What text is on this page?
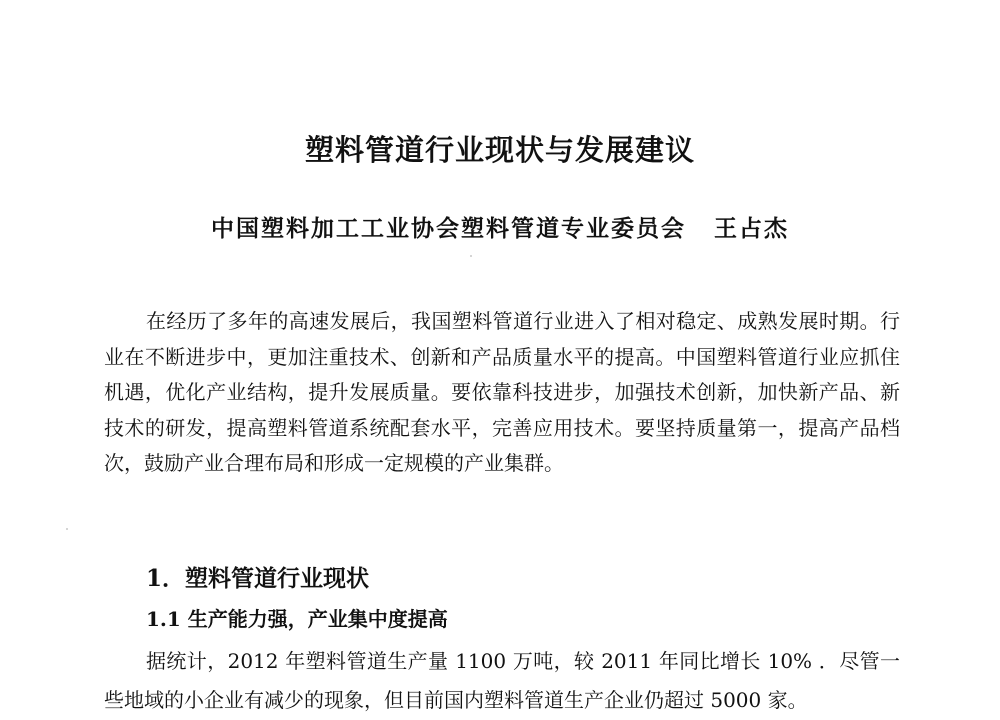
塑料管道行业现状与发展建议
中国塑料加工工业协会塑料管道专业委员会 王占杰

在经历了多年的高速发展后，我国塑料管道行业进入了相对稳定、成熟发展时期。行业在不断进步中，更加注重技术、创新和产品质量水平的提高。中国塑料管道行业应抓住机遇，优化产业结构，提升发展质量。要依靠科技进步，加强技术创新，加快新产品、新技术的研发，提高塑料管道系统配套水平，完善应用技术。要坚持质量第一，提高产品档次，鼓励产业合理布局和形成一定规模的产业集群。

1．塑料管道行业现状
1.1 生产能力强，产业集中度提高

据统计，2012 年塑料管道生产量 1100 万吨，较 2011 年同比增长 10% ．尽管一些地域的小企业有减少的现象，但目前国内塑料管道生产企业仍超过 5000 家。
